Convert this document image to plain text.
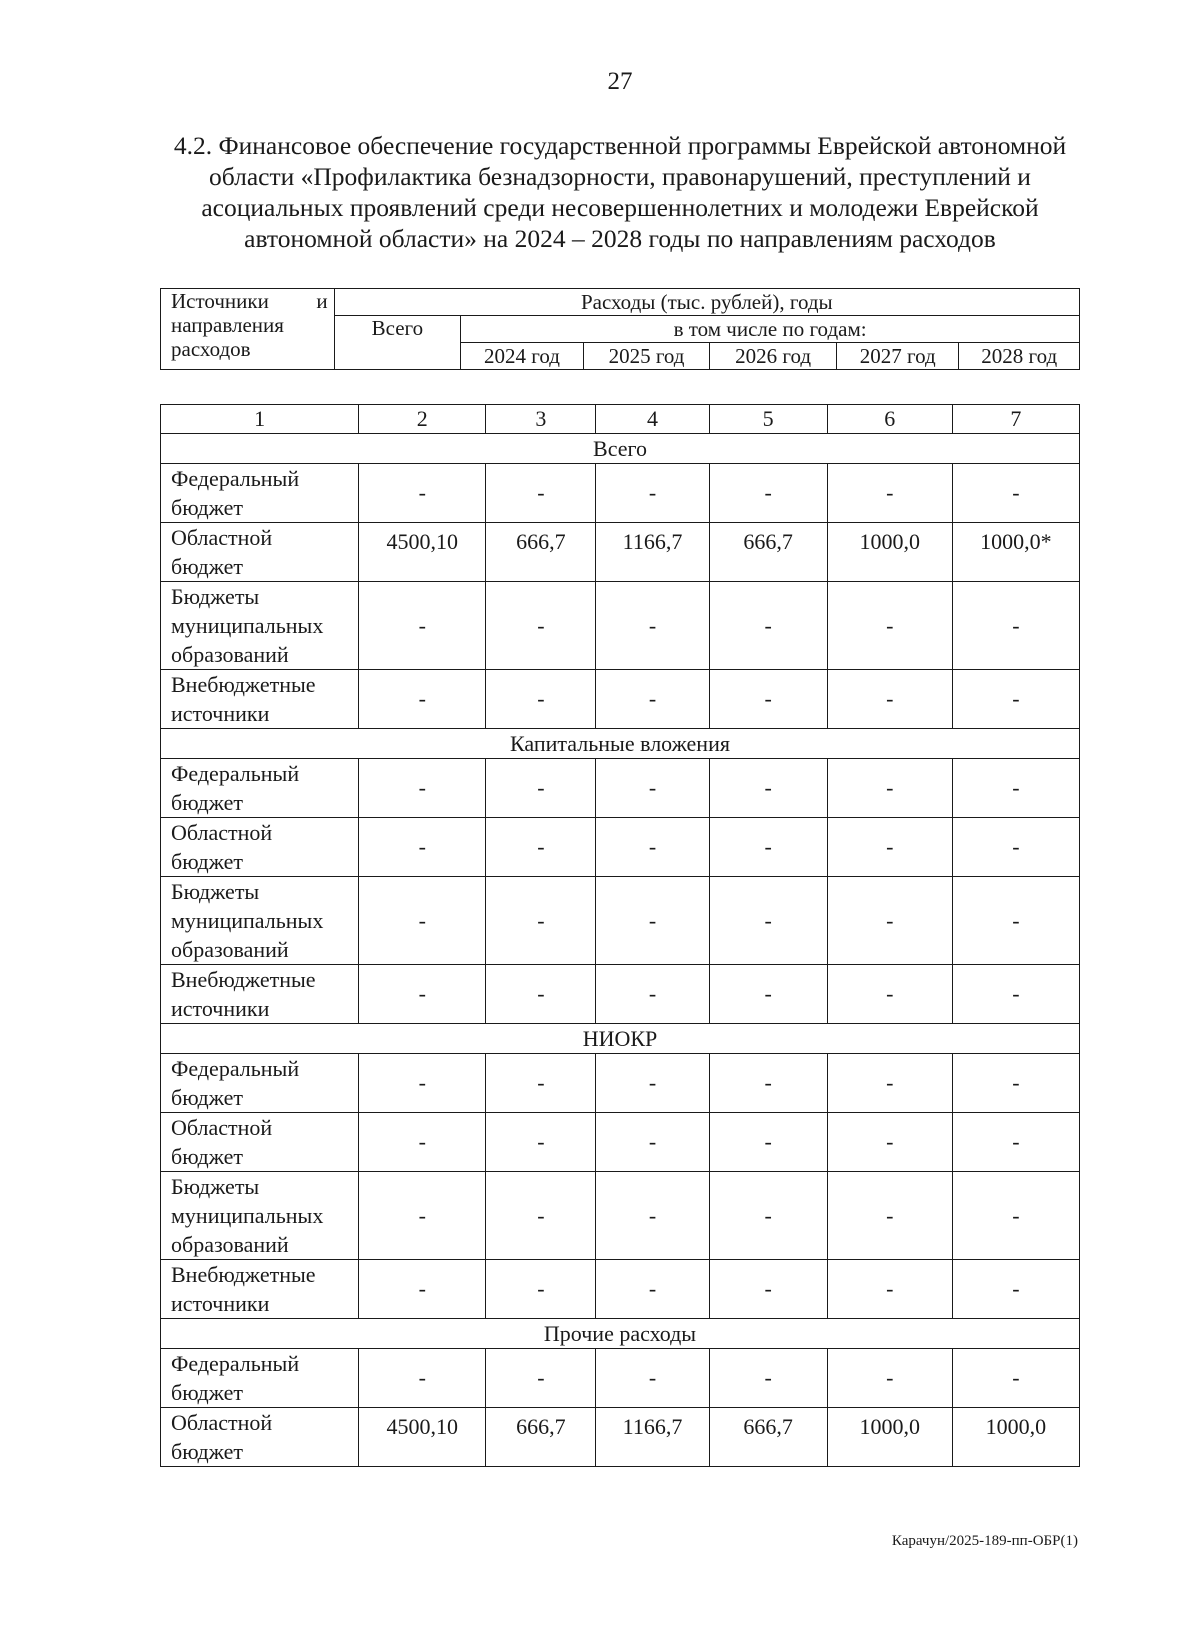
27
4.2. Финансовое обеспечение государственной программы Еврейской автономной области «Профилактика безнадзорности, правонарушений, преступлений и асоциальных проявлений среди несовершеннолетних и молодежи Еврейской автономной области» на 2024 – 2028 годы по направлениям расходов
Источники и
направления
расходов	Расходы (тыс. рублей), годы					
	Всего	в том числе по годам:				
		2024 год	2025 год	2026 год	2027 год	2028 год
1	2	3	4	5	6	7
Всего						

Федеральный
бюджет	-	-	-	-	-	-

Областной
бюджет	4500,10	666,7	1166,7	666,7	1000,0	1000,0*

Бюджеты
муниципальных
образований	-	-	-	-	-	-

Внебюджетные
источники	-	-	-	-	-	-
Капитальные вложения						

Федеральный
бюджет	-	-	-	-	-	-

Областной
бюджет	-	-	-	-	-	-

Бюджеты
муниципальных
образований	-	-	-	-	-	-

Внебюджетные
источники	-	-	-	-	-	-
НИОКР						

Федеральный
бюджет	-	-	-	-	-	-

Областной
бюджет	-	-	-	-	-	-

Бюджеты
муниципальных
образований	-	-	-	-	-	-

Внебюджетные
источники	-	-	-	-	-	-
Прочие расходы						

Федеральный
бюджет	-	-	-	-	-	-

Областной
бюджет	4500,10	666,7	1166,7	666,7	1000,0	1000,0
Карачун/2025-189-пп-ОБР(1)
